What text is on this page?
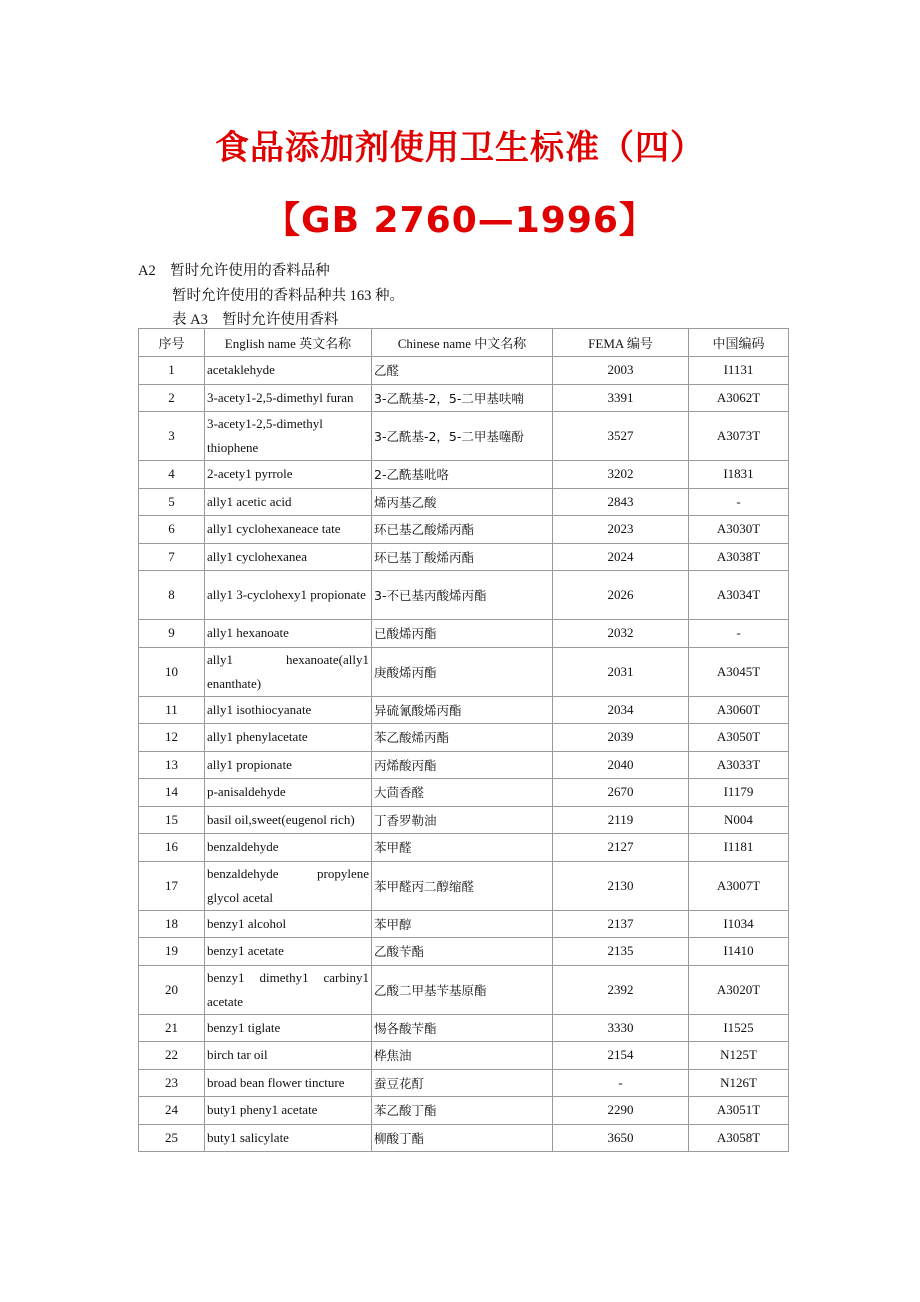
食品添加剂使用卫生标准（四）
【GB 2760—1996】
A2　暂时允许使用的香料品种
暂时允许使用的香料品种共 163 种。
表 A3　暂时允许使用香料
序号	English name 英文名称	Chinese name 中文名称	FEMA 编号	中国编码
1	acetaklehyde	乙醛	2003	I1131
2	3-acety1-2,5-dimethyl furan	3-乙酰基-2，5-二甲基呋喃	3391	A3062T
3	3-acety1-2,5-dimethyl thiophene	3-乙酰基-2，5-二甲基噻酚	3527	A3073T
4	2-acety1 pyrrole	2-乙酰基吡咯	3202	I1831
5	ally1 acetic acid	烯丙基乙酸	2843	-
6	ally1 cyclohexaneace tate	环已基乙酸烯丙酯	2023	A3030T
7	ally1 cyclohexanea	环已基丁酸烯丙酯	2024	A3038T
8	ally1 3-cyclohexy1 propionate	3-不已基丙酸烯丙酯	2026	A3034T
9	ally1 hexanoate	已酸烯丙酯	2032	-
10	ally1 hexanoate(ally1 enanthate)	庚酸烯丙酯	2031	A3045T
11	ally1 isothiocyanate	异硫氰酸烯丙酯	2034	A3060T
12	ally1 phenylacetate	苯乙酸烯丙酯	2039	A3050T
13	ally1 propionate	丙烯酸丙酯	2040	A3033T
14	p-anisaldehyde	大茴香醛	2670	I1179
15	basil oil,sweet(eugenol rich)	丁香罗勒油	2119	N004
16	benzaldehyde	苯甲醛	2127	I1181
17	benzaldehyde propylene glycol acetal	苯甲醛丙二醇缩醛	2130	A3007T
18	benzy1 alcohol	苯甲醇	2137	I1034
19	benzy1 acetate	乙酸苄酯	2135	I1410
20	benzy1 dimethy1 carbiny1 acetate	乙酸二甲基苄基原酯	2392	A3020T
21	benzy1 tiglate	惕各酸苄酯	3330	I1525
22	birch tar oil	桦焦油	2154	N125T
23	broad bean flower tincture	蚕豆花酊	-	N126T
24	buty1 pheny1 acetate	苯乙酸丁酯	2290	A3051T
25	buty1 salicylate	柳酸丁酯	3650	A3058T
